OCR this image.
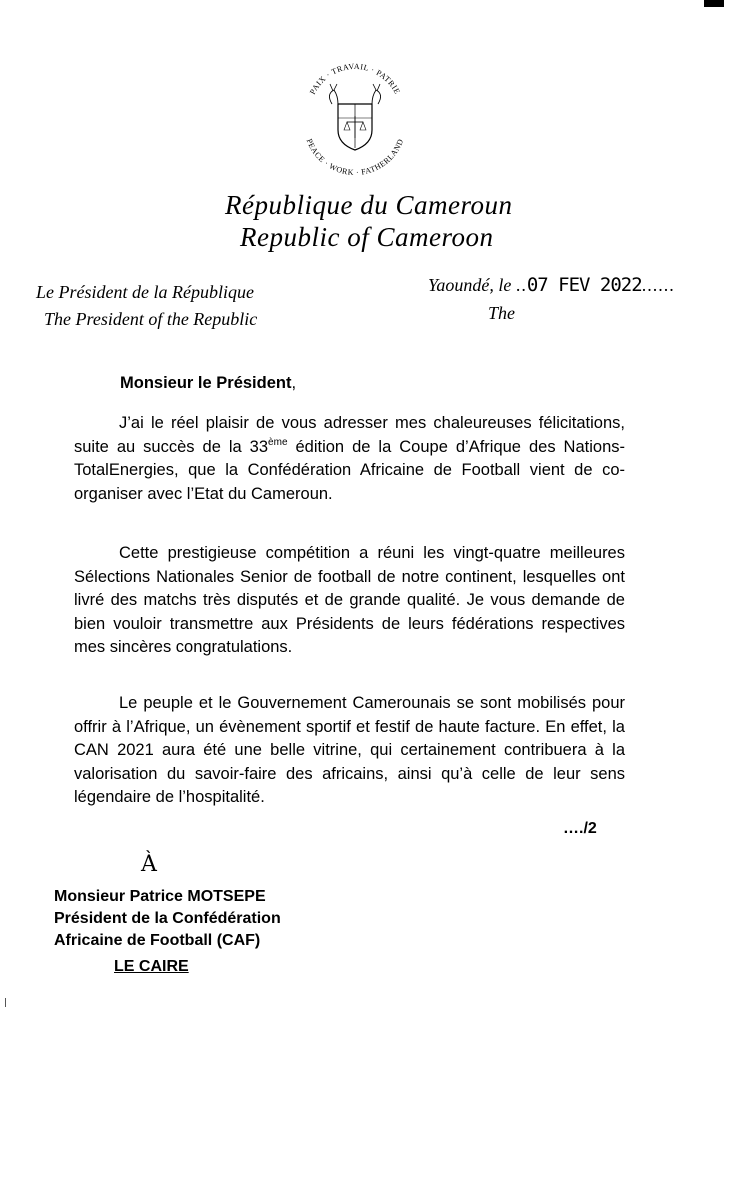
PAIX · TRAVAIL · PATRIE
PEACE · WORK · FATHERLAND
République du Cameroun
Republic of Cameroon
Le Président de la République
The President of the Republic
Yaoundé, le ..07 FEV 2022......
The
Monsieur le Président,

J’ai le réel plaisir de vous adresser mes chaleureuses félicitations, suite au succès de la 33ème édition de la Coupe d’Afrique des Nations-TotalEnergies, que la Confédération Africaine de Football vient de co-organiser avec l’Etat du Cameroun.

Cette prestigieuse compétition a réuni les vingt-quatre meilleures Sélections Nationales Senior de football de notre continent, lesquelles ont livré des matchs très disputés et de grande qualité. Je vous demande de bien vouloir transmettre aux Présidents de leurs fédérations respectives mes sincères congratulations.

Le peuple et le Gouvernement Camerounais se sont mobilisés pour offrir à l’Afrique, un évènement sportif et festif de haute facture. En effet, la CAN 2021 aura été une belle vitrine, qui certainement contribuera à la valorisation du savoir-faire des africains, ainsi qu’à celle de leur sens légendaire de l’hospitalité.

…./2
À
Monsieur Patrice MOTSEPE
Président de la Confédération
Africaine de Football (CAF)
LE CAIRE
